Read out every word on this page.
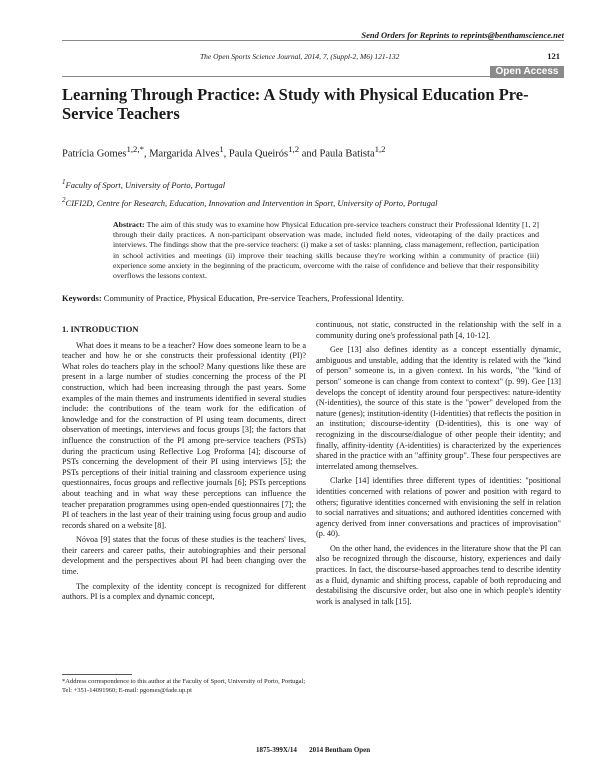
Send Orders for Reprints to reprints@benthamscience.net
The Open Sports Science Journal, 2014, 7, (Suppl-2, M6) 121-132	121
Open Access
Learning Through Practice: A Study with Physical Education Pre-Service Teachers
Patrícia Gomes$^{1,2,*}$, Margarida Alves$^1$, Paula Queirós$^{1,2}$ and Paula Batista$^{1,2}$
$^1$Faculty of Sport, University of Porto, Portugal
$^2$CIFI2D, Centre for Research, Education, Innovation and Intervention in Sport, University of Porto, Portugal

Abstract: The aim of this study was to examine how Physical Education pre-service teachers construct their Professional Identity [1, 2] through their daily practices. A non-participant observation was made, included field notes, videotaping of the daily practices and interviews. The findings show that the pre-service teachers: (i) make a set of tasks: planning, class management, reflection, participation in school activities and meetings (ii) improve their teaching skills because they're working within a community of practice (iii) experience some anxiety in the beginning of the practicum, overcome with the raise of confidence and believe that their responsibility overflows the lessons context.

Keywords: Community of Practice, Physical Education, Pre-service Teachers, Professional Identity.
1. INTRODUCTION

What does it means to be a teacher? How does someone learn to be a teacher and how he or she constructs their professional identity (PI)? What roles do teachers play in the school? Many questions like these are present in a large number of studies concerning the process of the PI construction, which had been increasing through the past years. Some examples of the main themes and instruments identified in several studies include: the contributions of the team work for the edification of knowledge and for the construction of PI using team documents, direct observation of meetings, interviews and focus groups [3]; the factors that influence the construction of the PI among pre-service teachers (PSTs) during the practicum using Reflective Log Proforma [4]; discourse of PSTs concerning the development of their PI using interviews [5]; the PSTs perceptions of their initial training and classroom experience using questionnaires, focus groups and reflective journals [6]; PSTs perceptions about teaching and in what way these perceptions can influence the teacher preparation programmes using open-ended questionnaires [7]; the PI of teachers in the last year of their training using focus group and audio records shared on a website [8].

Nóvoa [9] states that the focus of these studies is the teachers' lives, their careers and career paths, their autobiographies and their personal development and the perspectives about PI had been changing over the time.

The complexity of the identity concept is recognized for different authors. PI is a complex and dynamic concept,

continuous, not static, constructed in the relationship with the self in a community during one's professional path [4, 10-12].

Gee [13] also defines identity as a concept essentially dynamic, ambiguous and unstable, adding that the identity is related with the "kind of person" someone is, in a given context. In his words, "the "kind of person" someone is can change from context to context" (p. 99). Gee [13] develops the concept of identity around four perspectives: nature-identity (N-identities), the source of this state is the "power" developed from the nature (genes); institution-identity (I-identities) that reflects the position in an institution; discourse-identity (D-identities), this is one way of recognizing in the discourse/dialogue of other people their identity; and finally, affinity-identity (A-identities) is characterized by the experiences shared in the practice with an "affinity group". These four perspectives are interrelated among themselves.

Clarke [14] identifies three different types of identities: "positional identities concerned with relations of power and position with regard to others; figurative identities concerned with envisioning the self in relation to social narratives and situations; and authored identities concerned with agency derived from inner conversations and practices of improvisation" (p. 40).

On the other hand, the evidences in the literature show that the PI can also be recognized through the discourse, history, experiences and daily practices. In fact, the discourse-based approaches tend to describe identity as a fluid, dynamic and shifting process, capable of both reproducing and destabilising the discursive order, but also one in which people's identity work is analysed in talk [15].

*Address correspondence to this author at the Faculty of Sport, University of Porto, Portugal; Tel: +351-14091960; E-mail: pgomes@fade.up.pt
1875-399X/14 2014 Bentham Open
